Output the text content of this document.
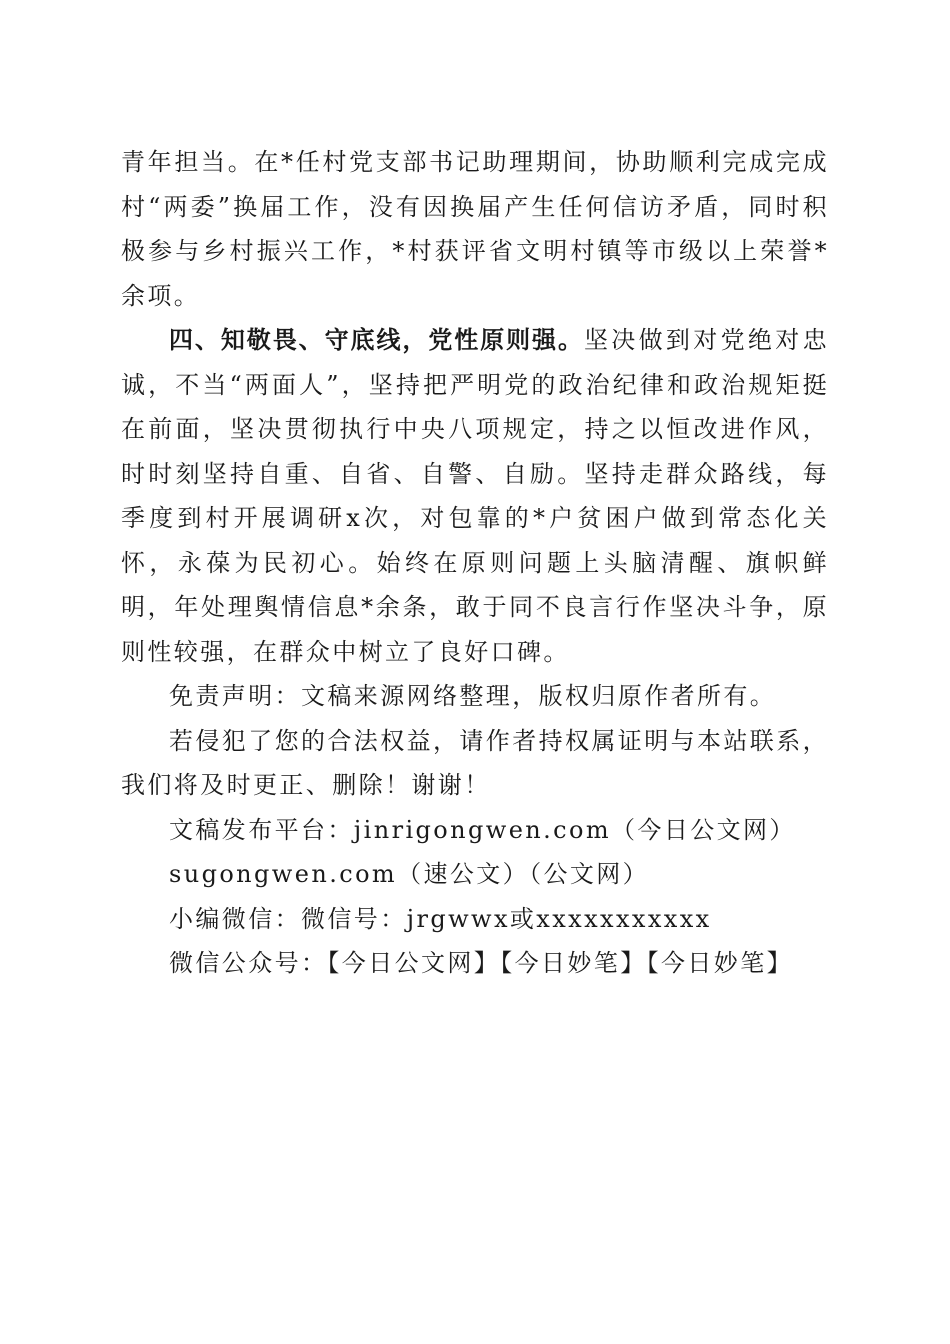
青年担当。在*任村党支部书记助理期间，协助顺利完成完成村“两委”换届工作，没有因换届产生任何信访矛盾，同时积极参与乡村振兴工作，*村获评省文明村镇等市级以上荣誉*余项。

四、知敬畏、守底线，党性原则强。坚决做到对党绝对忠诚，不当“两面人”，坚持把严明党的政治纪律和政治规矩挺在前面，坚决贯彻执行中央八项规定，持之以恒改进作风，时时刻坚持自重、自省、自警、自励。坚持走群众路线，每季度到村开展调研x次，对包靠的*户贫困户做到常态化关怀，永葆为民初心。始终在原则问题上头脑清醒、旗帜鲜明，年处理舆情信息*余条，敢于同不良言行作坚决斗争，原则性较强，在群众中树立了良好口碑。

免责声明：文稿来源网络整理，版权归原作者所有。

若侵犯了您的合法权益，请作者持权属证明与本站联系，我们将及时更正、删除！谢谢！

文稿发布平台：jinrigongwen.com（今日公文网）

sugongwen.com（速公文）（公文网）

小编微信：微信号：jrgwwx或xxxxxxxxxxx

微信公众号：【今日公文网】【今日妙笔】【今日妙笔】
